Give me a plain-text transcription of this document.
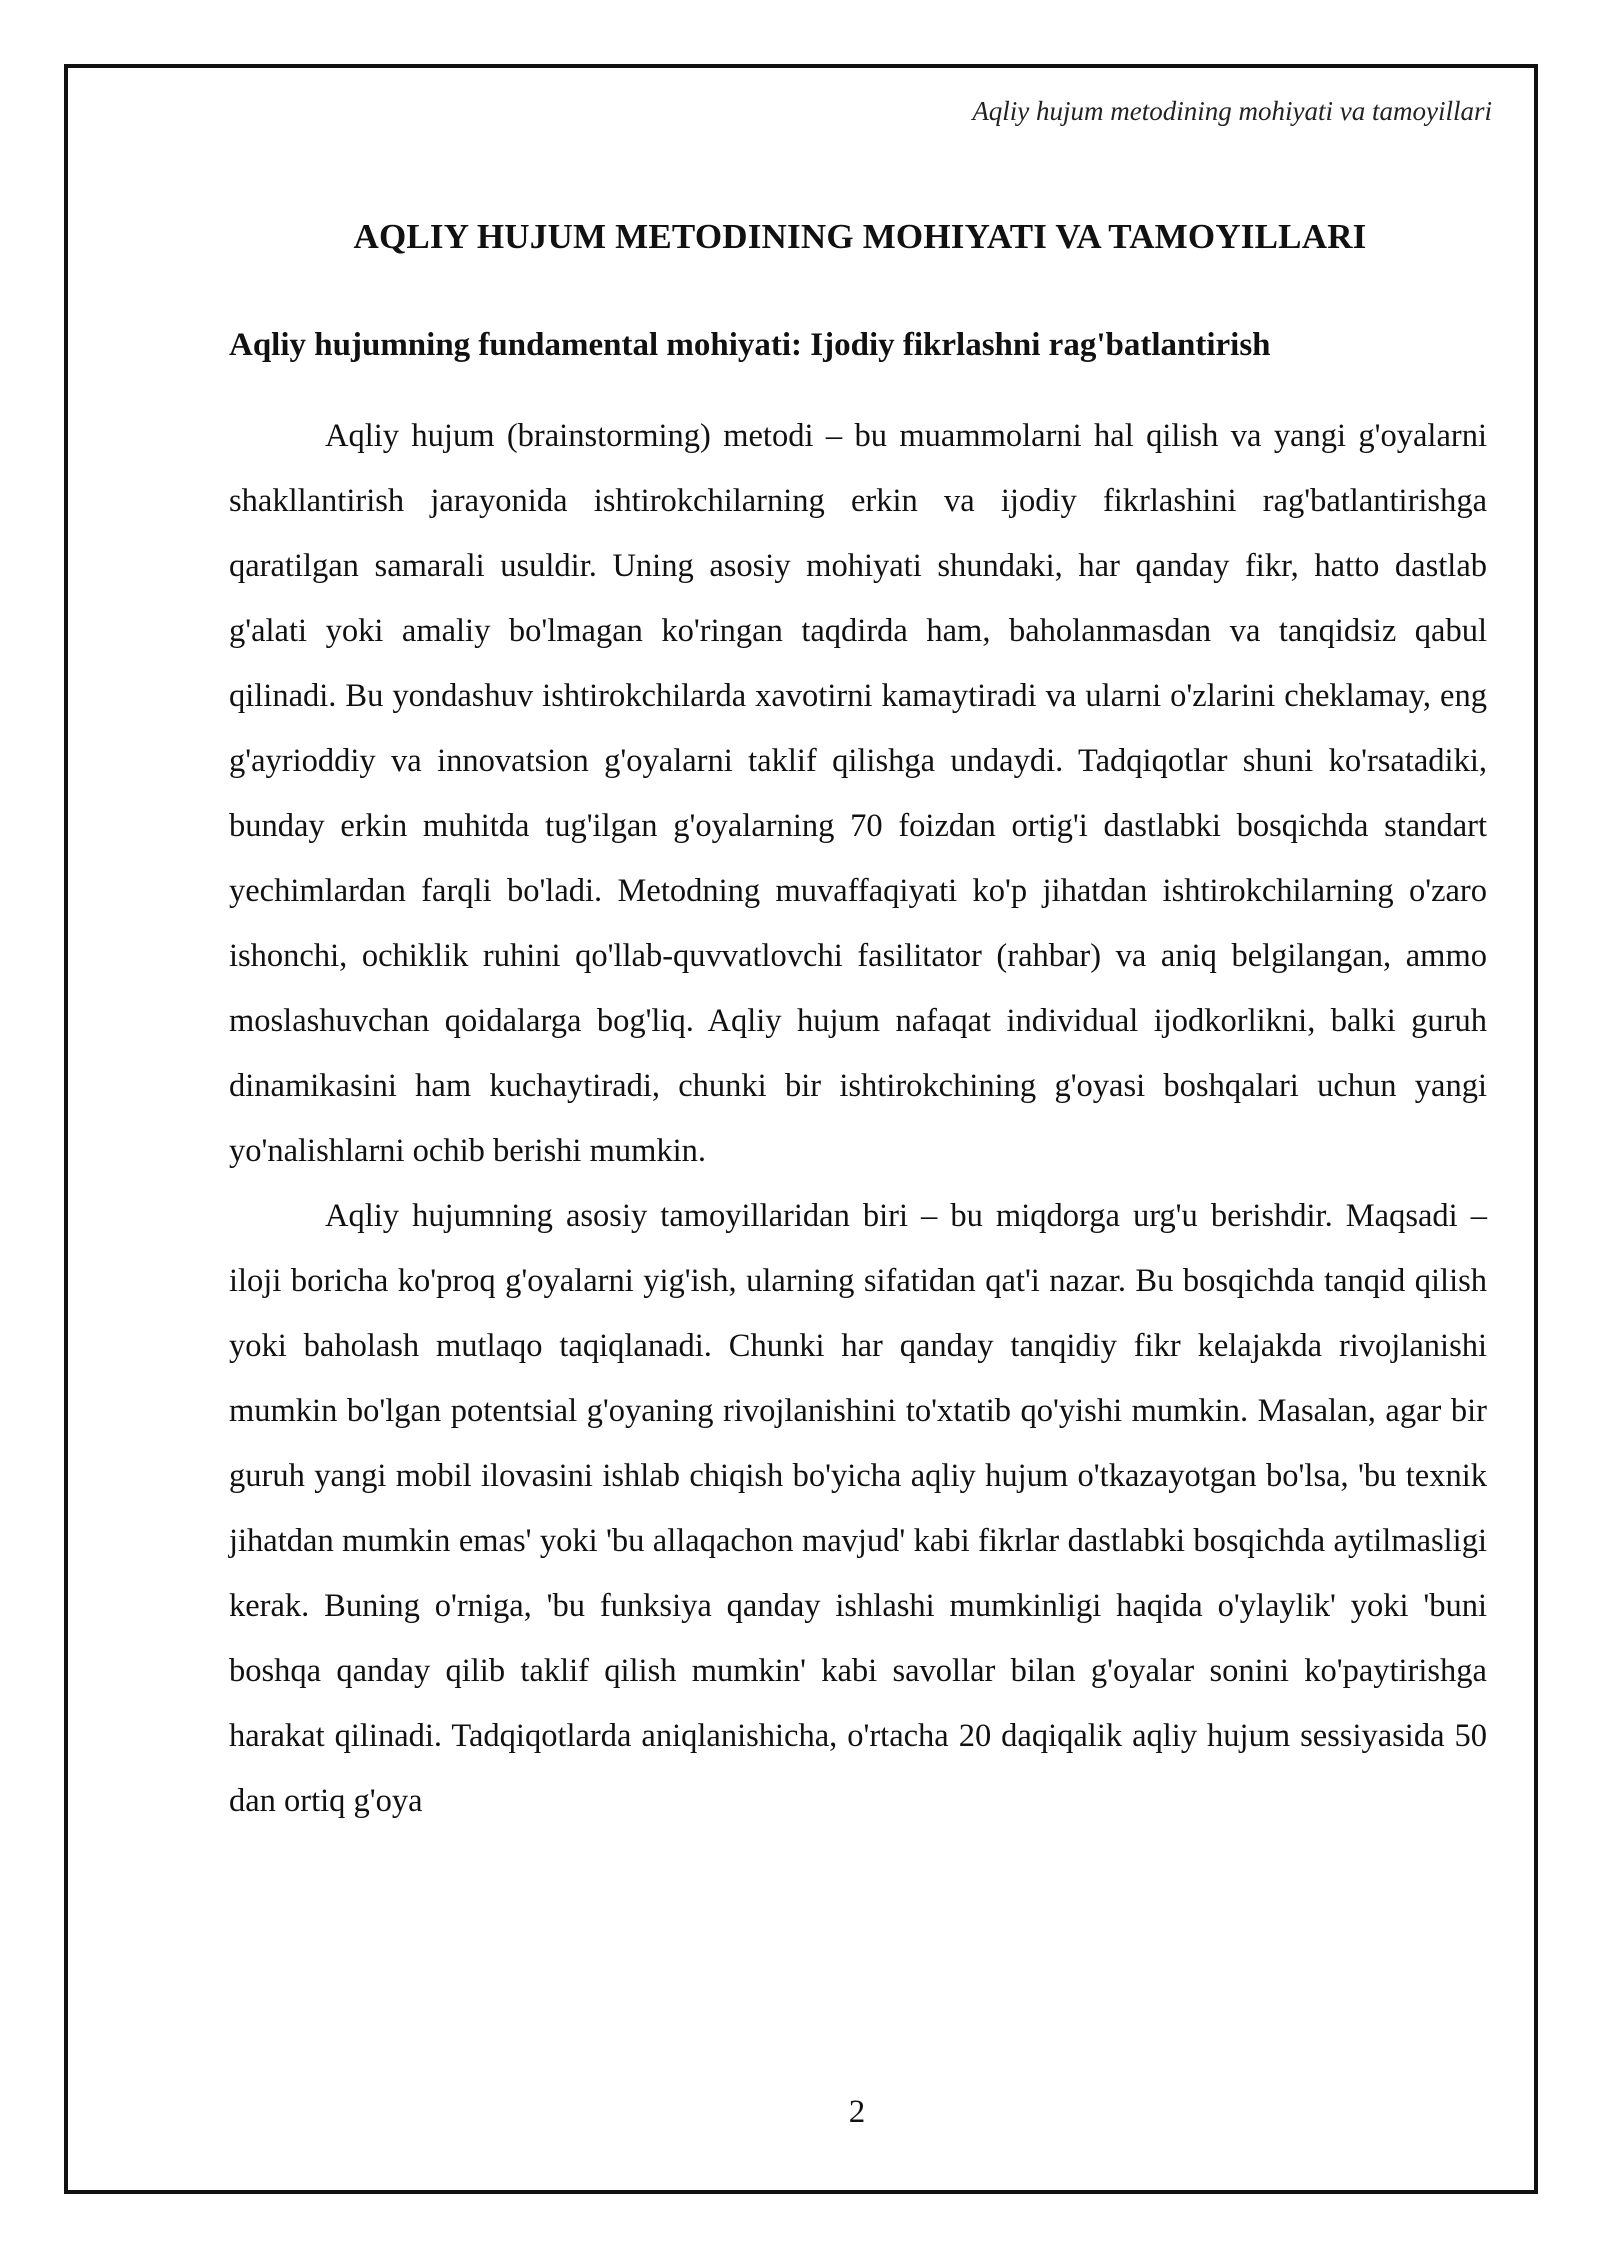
Aqliy hujum metodining mohiyati va tamoyillari
AQLIY HUJUM METODINING MOHIYATI VA TAMOYILLARI
Aqliy hujumning fundamental mohiyati: Ijodiy fikrlashni rag'batlantirish

Aqliy hujum (brainstorming) metodi – bu muammolarni hal qilish va yangi g'oyalarni shakllantirish jarayonida ishtirokchilarning erkin va ijodiy fikrlashini rag'batlantirishga qaratilgan samarali usuldir. Uning asosiy mohiyati shundaki, har qanday fikr, hatto dastlab g'alati yoki amaliy bo'lmagan ko'ringan taqdirda ham, baholanmasdan va tanqidsiz qabul qilinadi. Bu yondashuv ishtirokchilarda xavotirni kamaytiradi va ularni o'zlarini cheklamay, eng g'ayrioddiy va innovatsion g'oyalarni taklif qilishga undaydi. Tadqiqotlar shuni ko'rsatadiki, bunday erkin muhitda tug'ilgan g'oyalarning 70 foizdan ortig'i dastlabki bosqichda standart yechimlardan farqli bo'ladi. Metodning muvaffaqiyati ko'p jihatdan ishtirokchilarning o'zaro ishonchi, ochiklik ruhini qo'llab-quvvatlovchi fasilitator (rahbar) va aniq belgilangan, ammo moslashuvchan qoidalarga bog'liq. Aqliy hujum nafaqat individual ijodkorlikni, balki guruh dinamikasini ham kuchaytiradi, chunki bir ishtirokchining g'oyasi boshqalari uchun yangi yo'nalishlarni ochib berishi mumkin.

Aqliy hujumning asosiy tamoyillaridan biri – bu miqdorga urg'u berishdir. Maqsadi – iloji boricha ko'proq g'oyalarni yig'ish, ularning sifatidan qat'i nazar. Bu bosqichda tanqid qilish yoki baholash mutlaqo taqiqlanadi. Chunki har qanday tanqidiy fikr kelajakda rivojlanishi mumkin bo'lgan potentsial g'oyaning rivojlanishini to'xtatib qo'yishi mumkin. Masalan, agar bir guruh yangi mobil ilovasini ishlab chiqish bo'yicha aqliy hujum o'tkazayotgan bo'lsa, 'bu texnik jihatdan mumkin emas' yoki 'bu allaqachon mavjud' kabi fikrlar dastlabki bosqichda aytilmasligi kerak. Buning o'rniga, 'bu funksiya qanday ishlashi mumkinligi haqida o'ylaylik' yoki 'buni boshqa qanday qilib taklif qilish mumkin' kabi savollar bilan g'oyalar sonini ko'paytirishga harakat qilinadi. Tadqiqotlarda aniqlanishicha, o'rtacha 20 daqiqalik aqliy hujum sessiyasida 50 dan ortiq g'oya

2
